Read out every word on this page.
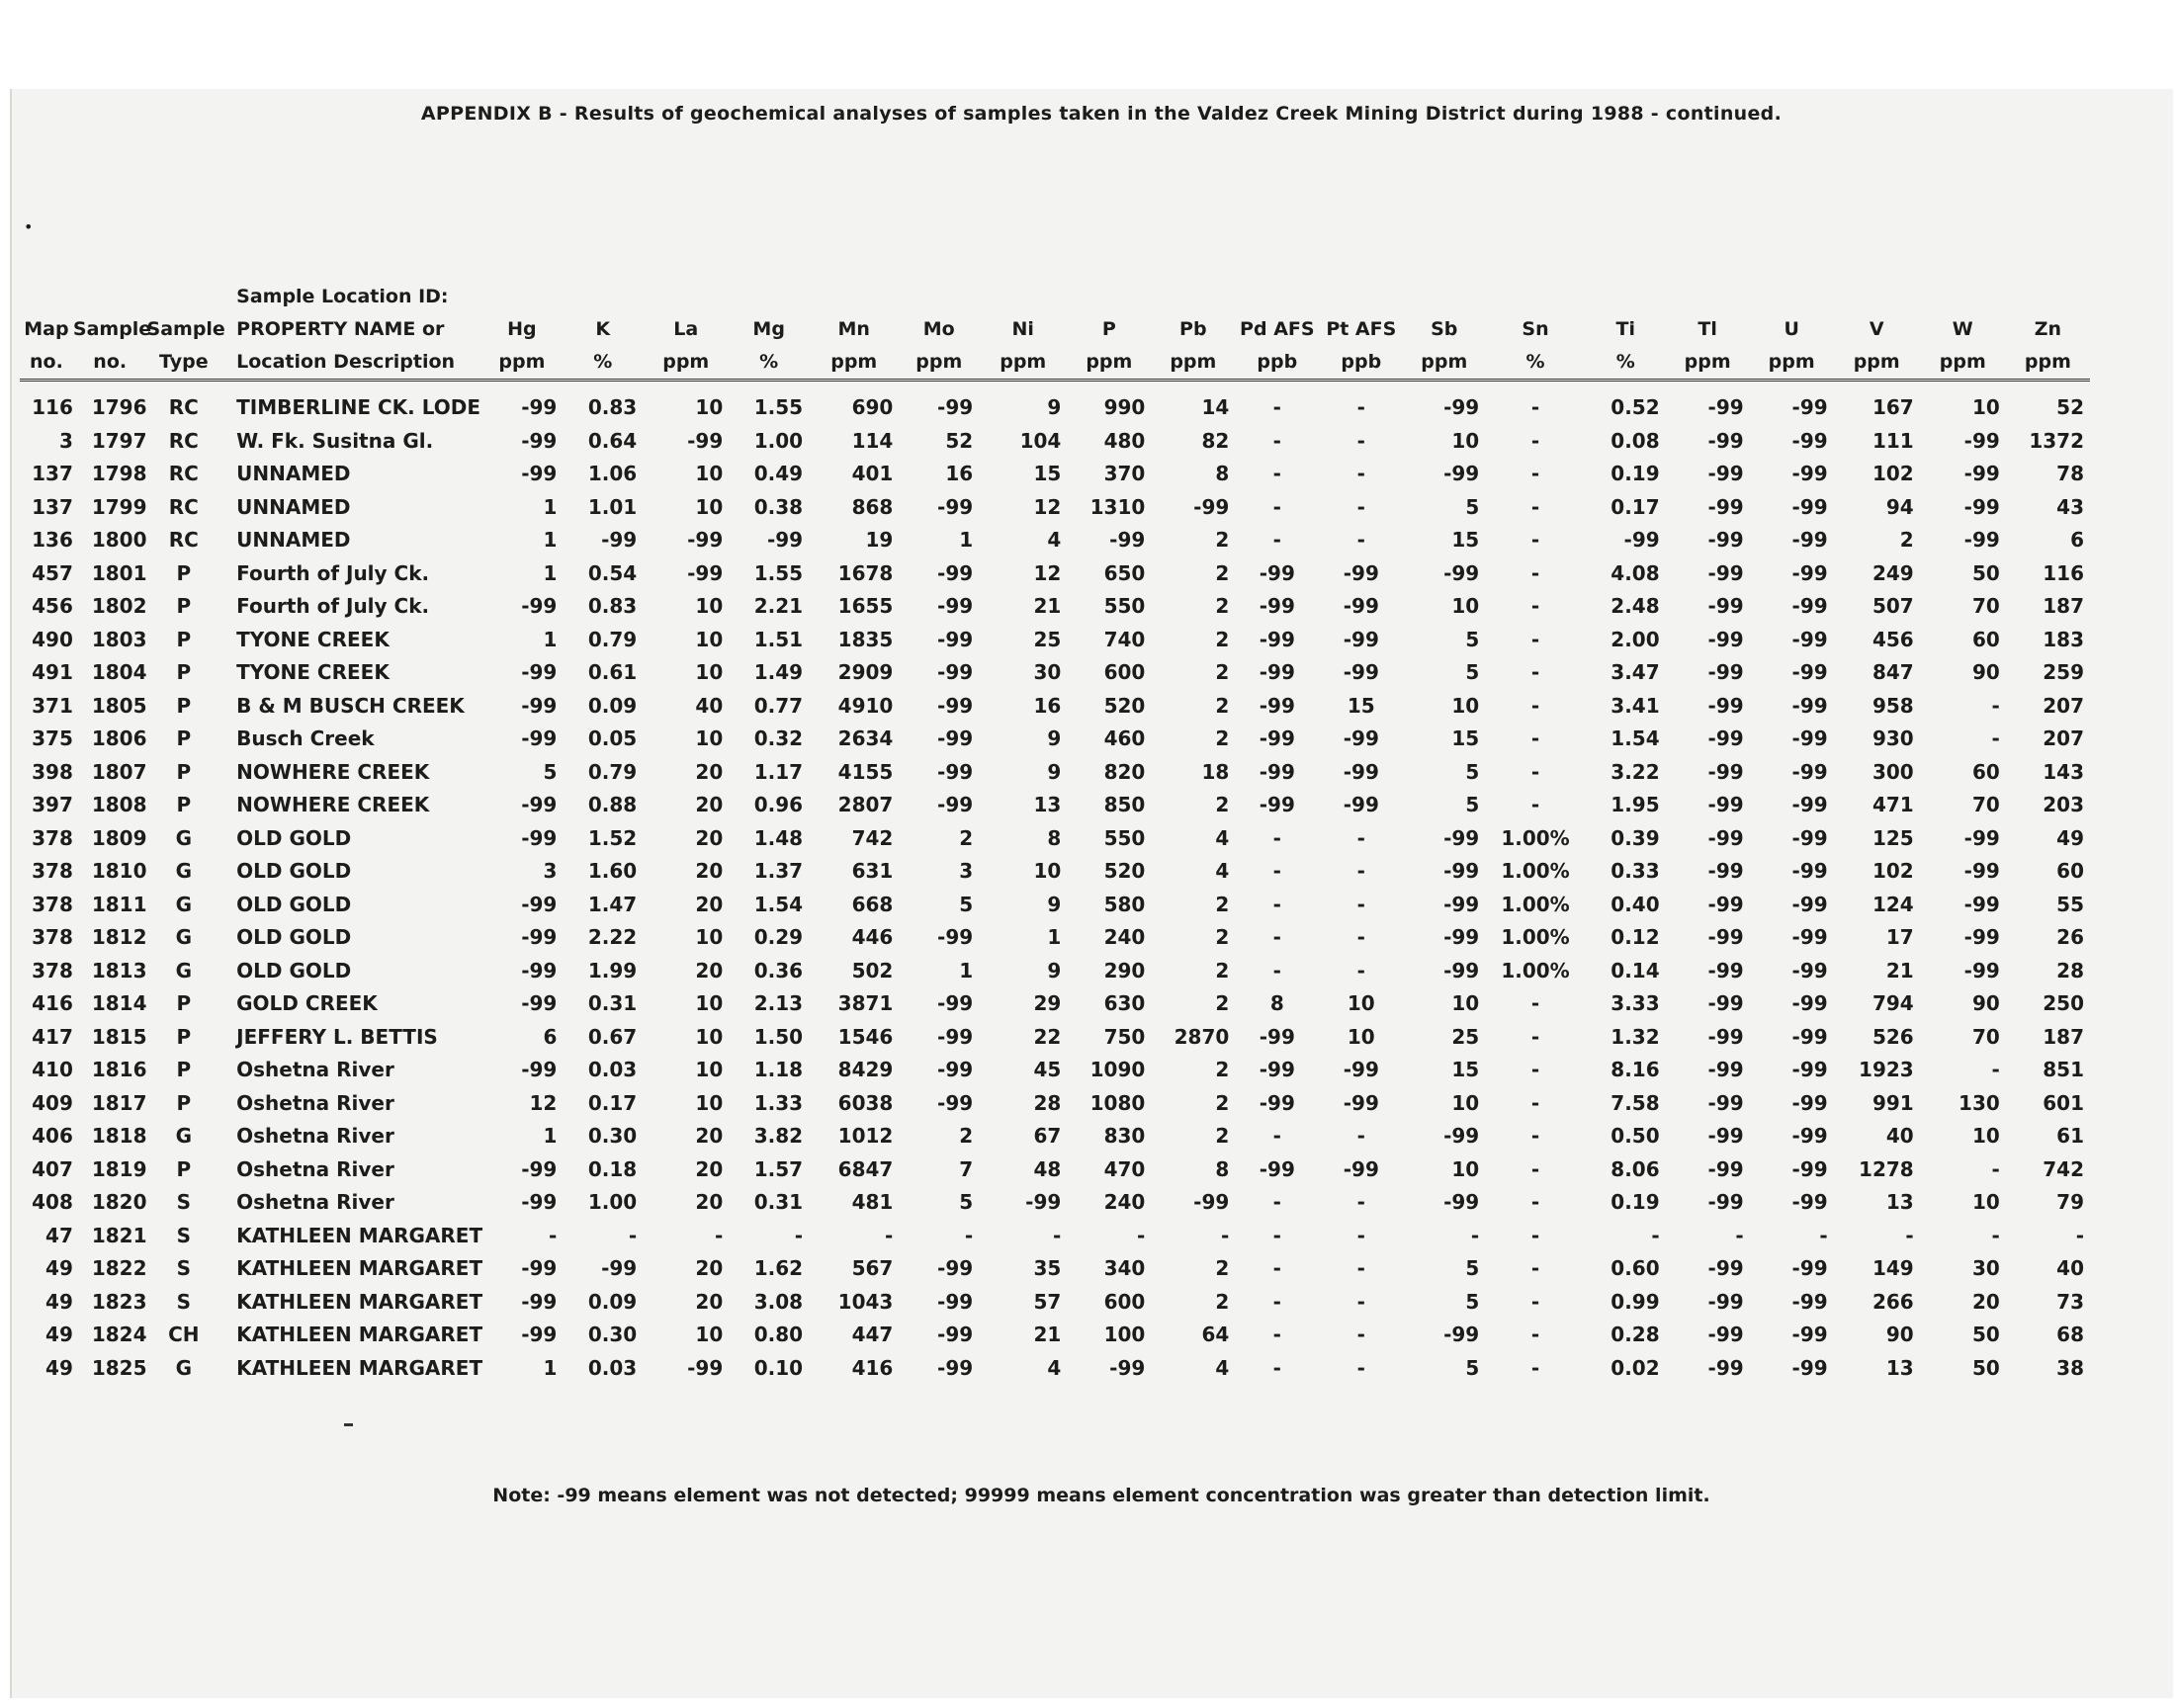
•
APPENDIX B - Results of geochemical analyses of samples taken in the Valdez Creek Mining District during 1988 - continued.
			Sample Location ID:																			
Map	Sample	Sample	PROPERTY NAME or	Hg	K	La	Mg	Mn	Mo	Ni	P	Pb	Pd AFS	Pt AFS	Sb	Sn	Ti	Tl	U	V	W	Zn
no.	no.	Type	Location Description	ppm	%	ppm	%	ppm	ppm	ppm	ppm	ppm	ppb	ppb	ppm	%	%	ppm	ppm	ppm	ppm	ppm

116	1796	RC	TIMBERLINE CK. LODE	-99	0.83	10	1.55	690	-99	9	990	14	-	-	-99	-	0.52	-99	-99	167	10	52
3	1797	RC	W. Fk. Susitna Gl.	-99	0.64	-99	1.00	114	52	104	480	82	-	-	10	-	0.08	-99	-99	111	-99	1372
137	1798	RC	UNNAMED	-99	1.06	10	0.49	401	16	15	370	8	-	-	-99	-	0.19	-99	-99	102	-99	78
137	1799	RC	UNNAMED	1	1.01	10	0.38	868	-99	12	1310	-99	-	-	5	-	0.17	-99	-99	94	-99	43
136	1800	RC	UNNAMED	1	-99	-99	-99	19	1	4	-99	2	-	-	15	-	-99	-99	-99	2	-99	6
457	1801	P	Fourth of July Ck.	1	0.54	-99	1.55	1678	-99	12	650	2	-99	-99	-99	-	4.08	-99	-99	249	50	116
456	1802	P	Fourth of July Ck.	-99	0.83	10	2.21	1655	-99	21	550	2	-99	-99	10	-	2.48	-99	-99	507	70	187
490	1803	P	TYONE CREEK	1	0.79	10	1.51	1835	-99	25	740	2	-99	-99	5	-	2.00	-99	-99	456	60	183
491	1804	P	TYONE CREEK	-99	0.61	10	1.49	2909	-99	30	600	2	-99	-99	5	-	3.47	-99	-99	847	90	259
371	1805	P	B & M BUSCH CREEK	-99	0.09	40	0.77	4910	-99	16	520	2	-99	15	10	-	3.41	-99	-99	958	-	207
375	1806	P	Busch Creek	-99	0.05	10	0.32	2634	-99	9	460	2	-99	-99	15	-	1.54	-99	-99	930	-	207
398	1807	P	NOWHERE CREEK	5	0.79	20	1.17	4155	-99	9	820	18	-99	-99	5	-	3.22	-99	-99	300	60	143
397	1808	P	NOWHERE CREEK	-99	0.88	20	0.96	2807	-99	13	850	2	-99	-99	5	-	1.95	-99	-99	471	70	203
378	1809	G	OLD GOLD	-99	1.52	20	1.48	742	2	8	550	4	-	-	-99	1.00%	0.39	-99	-99	125	-99	49
378	1810	G	OLD GOLD	3	1.60	20	1.37	631	3	10	520	4	-	-	-99	1.00%	0.33	-99	-99	102	-99	60
378	1811	G	OLD GOLD	-99	1.47	20	1.54	668	5	9	580	2	-	-	-99	1.00%	0.40	-99	-99	124	-99	55
378	1812	G	OLD GOLD	-99	2.22	10	0.29	446	-99	1	240	2	-	-	-99	1.00%	0.12	-99	-99	17	-99	26
378	1813	G	OLD GOLD	-99	1.99	20	0.36	502	1	9	290	2	-	-	-99	1.00%	0.14	-99	-99	21	-99	28
416	1814	P	GOLD CREEK	-99	0.31	10	2.13	3871	-99	29	630	2	8	10	10	-	3.33	-99	-99	794	90	250
417	1815	P	JEFFERY L. BETTIS	6	0.67	10	1.50	1546	-99	22	750	2870	-99	10	25	-	1.32	-99	-99	526	70	187
410	1816	P	Oshetna River	-99	0.03	10	1.18	8429	-99	45	1090	2	-99	-99	15	-	8.16	-99	-99	1923	-	851
409	1817	P	Oshetna River	12	0.17	10	1.33	6038	-99	28	1080	2	-99	-99	10	-	7.58	-99	-99	991	130	601
406	1818	G	Oshetna River	1	0.30	20	3.82	1012	2	67	830	2	-	-	-99	-	0.50	-99	-99	40	10	61
407	1819	P	Oshetna River	-99	0.18	20	1.57	6847	7	48	470	8	-99	-99	10	-	8.06	-99	-99	1278	-	742
408	1820	S	Oshetna River	-99	1.00	20	0.31	481	5	-99	240	-99	-	-	-99	-	0.19	-99	-99	13	10	79
47	1821	S	KATHLEEN MARGARET	-	-	-	-	-	-	-	-	-	-	-	-	-	-	-	-	-	-	-
49	1822	S	KATHLEEN MARGARET	-99	-99	20	1.62	567	-99	35	340	2	-	-	5	-	0.60	-99	-99	149	30	40
49	1823	S	KATHLEEN MARGARET	-99	0.09	20	3.08	1043	-99	57	600	2	-	-	5	-	0.99	-99	-99	266	20	73
49	1824	CH	KATHLEEN MARGARET	-99	0.30	10	0.80	447	-99	21	100	64	-	-	-99	-	0.28	-99	-99	90	50	68
49	1825	G	KATHLEEN MARGARET	1	0.03	-99	0.10	416	-99	4	-99	4	-	-	5	-	0.02	-99	-99	13	50	38
Note: -99 means element was not detected; 99999 means element concentration was greater than detection limit.
